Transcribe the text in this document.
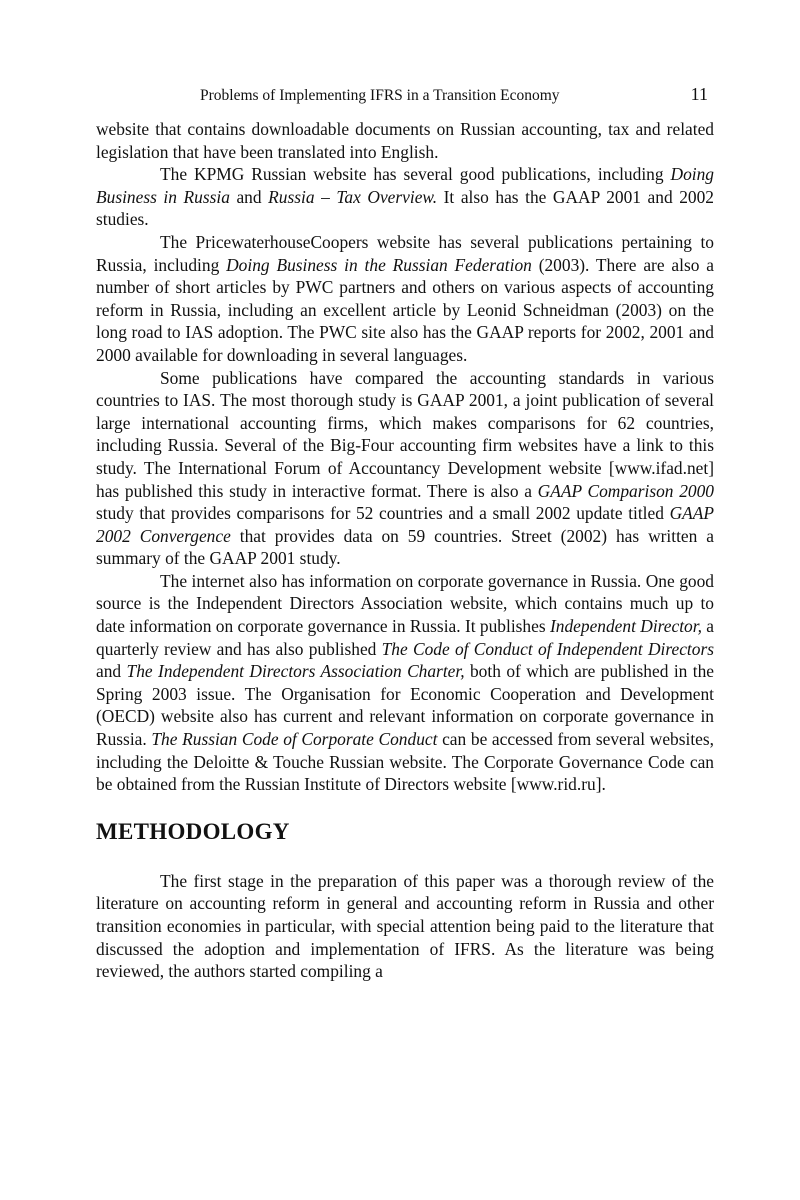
Problems of Implementing IFRS in a Transition Economy	11

website that contains downloadable documents on Russian accounting, tax and related legislation that have been translated into English.

The KPMG Russian website has several good publications, including Doing Business in Russia and Russia – Tax Overview. It also has the GAAP 2001 and 2002 studies.

The PricewaterhouseCoopers website has several publications pertaining to Russia, including Doing Business in the Russian Federation (2003). There are also a number of short articles by PWC partners and others on various aspects of accounting reform in Russia, including an excellent article by Leonid Schneidman (2003) on the long road to IAS adoption. The PWC site also has the GAAP reports for 2002, 2001 and 2000 available for downloading in several languages.

Some publications have compared the accounting standards in various countries to IAS. The most thorough study is GAAP 2001, a joint publication of several large international accounting firms, which makes comparisons for 62 countries, including Russia. Several of the Big-Four accounting firm websites have a link to this study. The International Forum of Accountancy Development website [www.ifad.net] has published this study in interactive format. There is also a GAAP Comparison 2000 study that provides comparisons for 52 countries and a small 2002 update titled GAAP 2002 Convergence that provides data on 59 countries. Street (2002) has written a summary of the GAAP 2001 study.

The internet also has information on corporate governance in Russia. One good source is the Independent Directors Association website, which contains much up to date information on corporate governance in Russia. It publishes Independent Director, a quarterly review and has also published The Code of Conduct of Independent Directors and The Independent Directors Association Charter, both of which are published in the Spring 2003 issue. The Organisation for Economic Cooperation and Development (OECD) website also has current and relevant information on corporate governance in Russia. The Russian Code of Corporate Conduct can be accessed from several websites, including the Deloitte & Touche Russian website. The Corporate Governance Code can be obtained from the Russian Institute of Directors website [www.rid.ru].

METHODOLOGY

The first stage in the preparation of this paper was a thorough review of the literature on accounting reform in general and accounting reform in Russia and other transition economies in particular, with special attention being paid to the literature that discussed the adoption and implementation of IFRS. As the literature was being reviewed, the authors started compiling a
